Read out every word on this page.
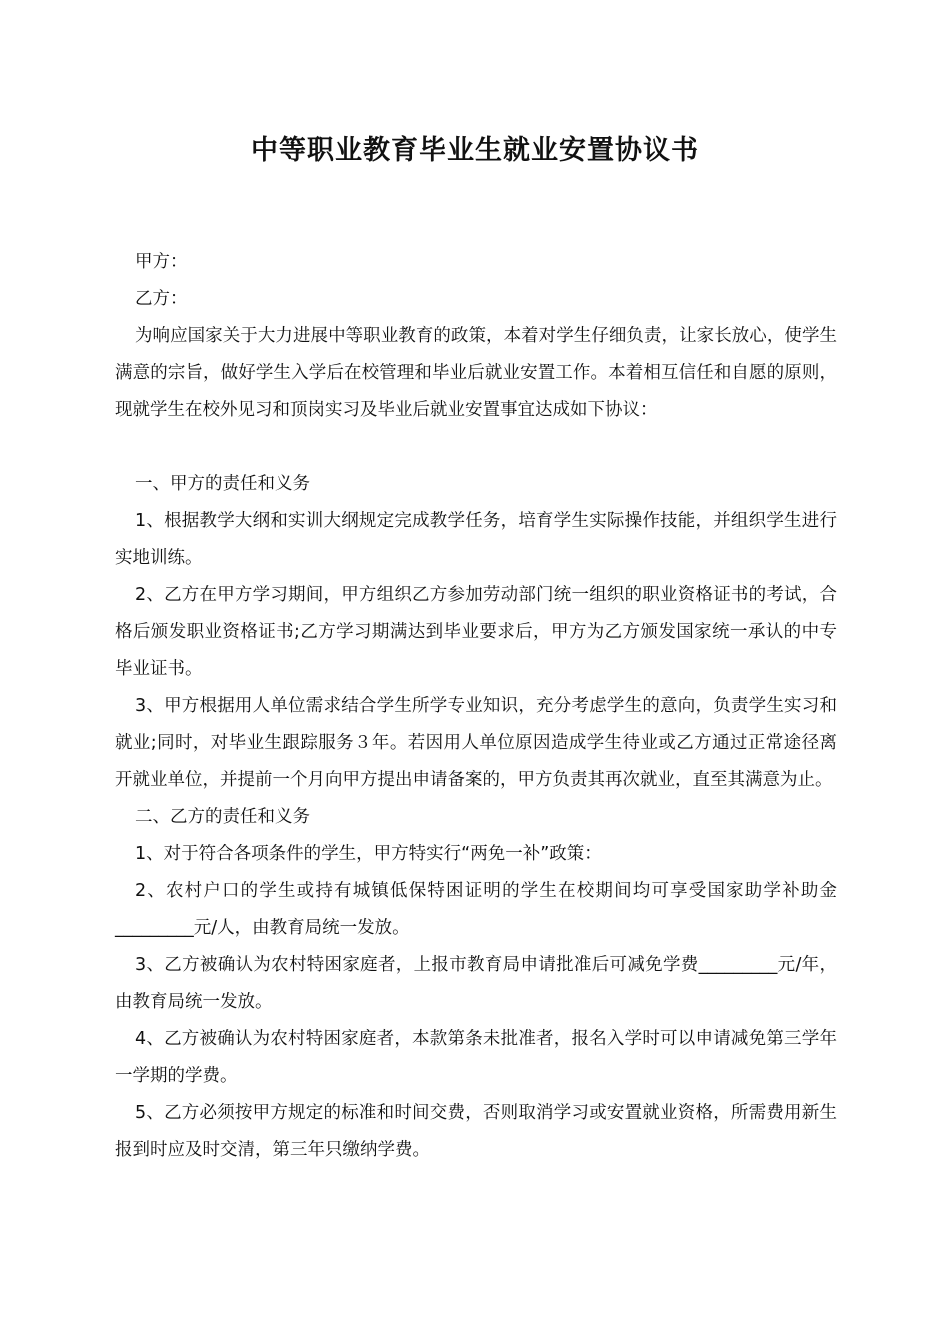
中等职业教育毕业生就业安置协议书

甲方：

乙方：

为响应国家关于大力进展中等职业教育的政策，本着对学生仔细负责，让家长放心，使学生满意的宗旨，做好学生入学后在校管理和毕业后就业安置工作。本着相互信任和自愿的原则，现就学生在校外见习和顶岗实习及毕业后就业安置事宜达成如下协议：

一、甲方的责任和义务

1、根据教学大纲和实训大纲规定完成教学任务，培育学生实际操作技能，并组织学生进行实地训练。

2、乙方在甲方学习期间，甲方组织乙方参加劳动部门统一组织的职业资格证书的考试，合格后颁发职业资格证书;乙方学习期满达到毕业要求后，甲方为乙方颁发国家统一承认的中专毕业证书。

3、甲方根据用人单位需求结合学生所学专业知识，充分考虑学生的意向，负责学生实习和就业;同时，对毕业生跟踪服务３年。若因用人单位原因造成学生待业或乙方通过正常途径离开就业单位，并提前一个月向甲方提出申请备案的，甲方负责其再次就业，直至其满意为止。

二、乙方的责任和义务

1、对于符合各项条件的学生，甲方特实行“两免一补”政策：

2、农村户口的学生或持有城镇低保特困证明的学生在校期间均可享受国家助学补助金_________元/人，由教育局统一发放。

3、乙方被确认为农村特困家庭者，上报市教育局申请批准后可减免学费_________元/年，由教育局统一发放。

4、乙方被确认为农村特困家庭者，本款第条未批准者，报名入学时可以申请减免第三学年一学期的学费。

5、乙方必须按甲方规定的标准和时间交费，否则取消学习或安置就业资格，所需费用新生报到时应及时交清，第三年只缴纳学费。
